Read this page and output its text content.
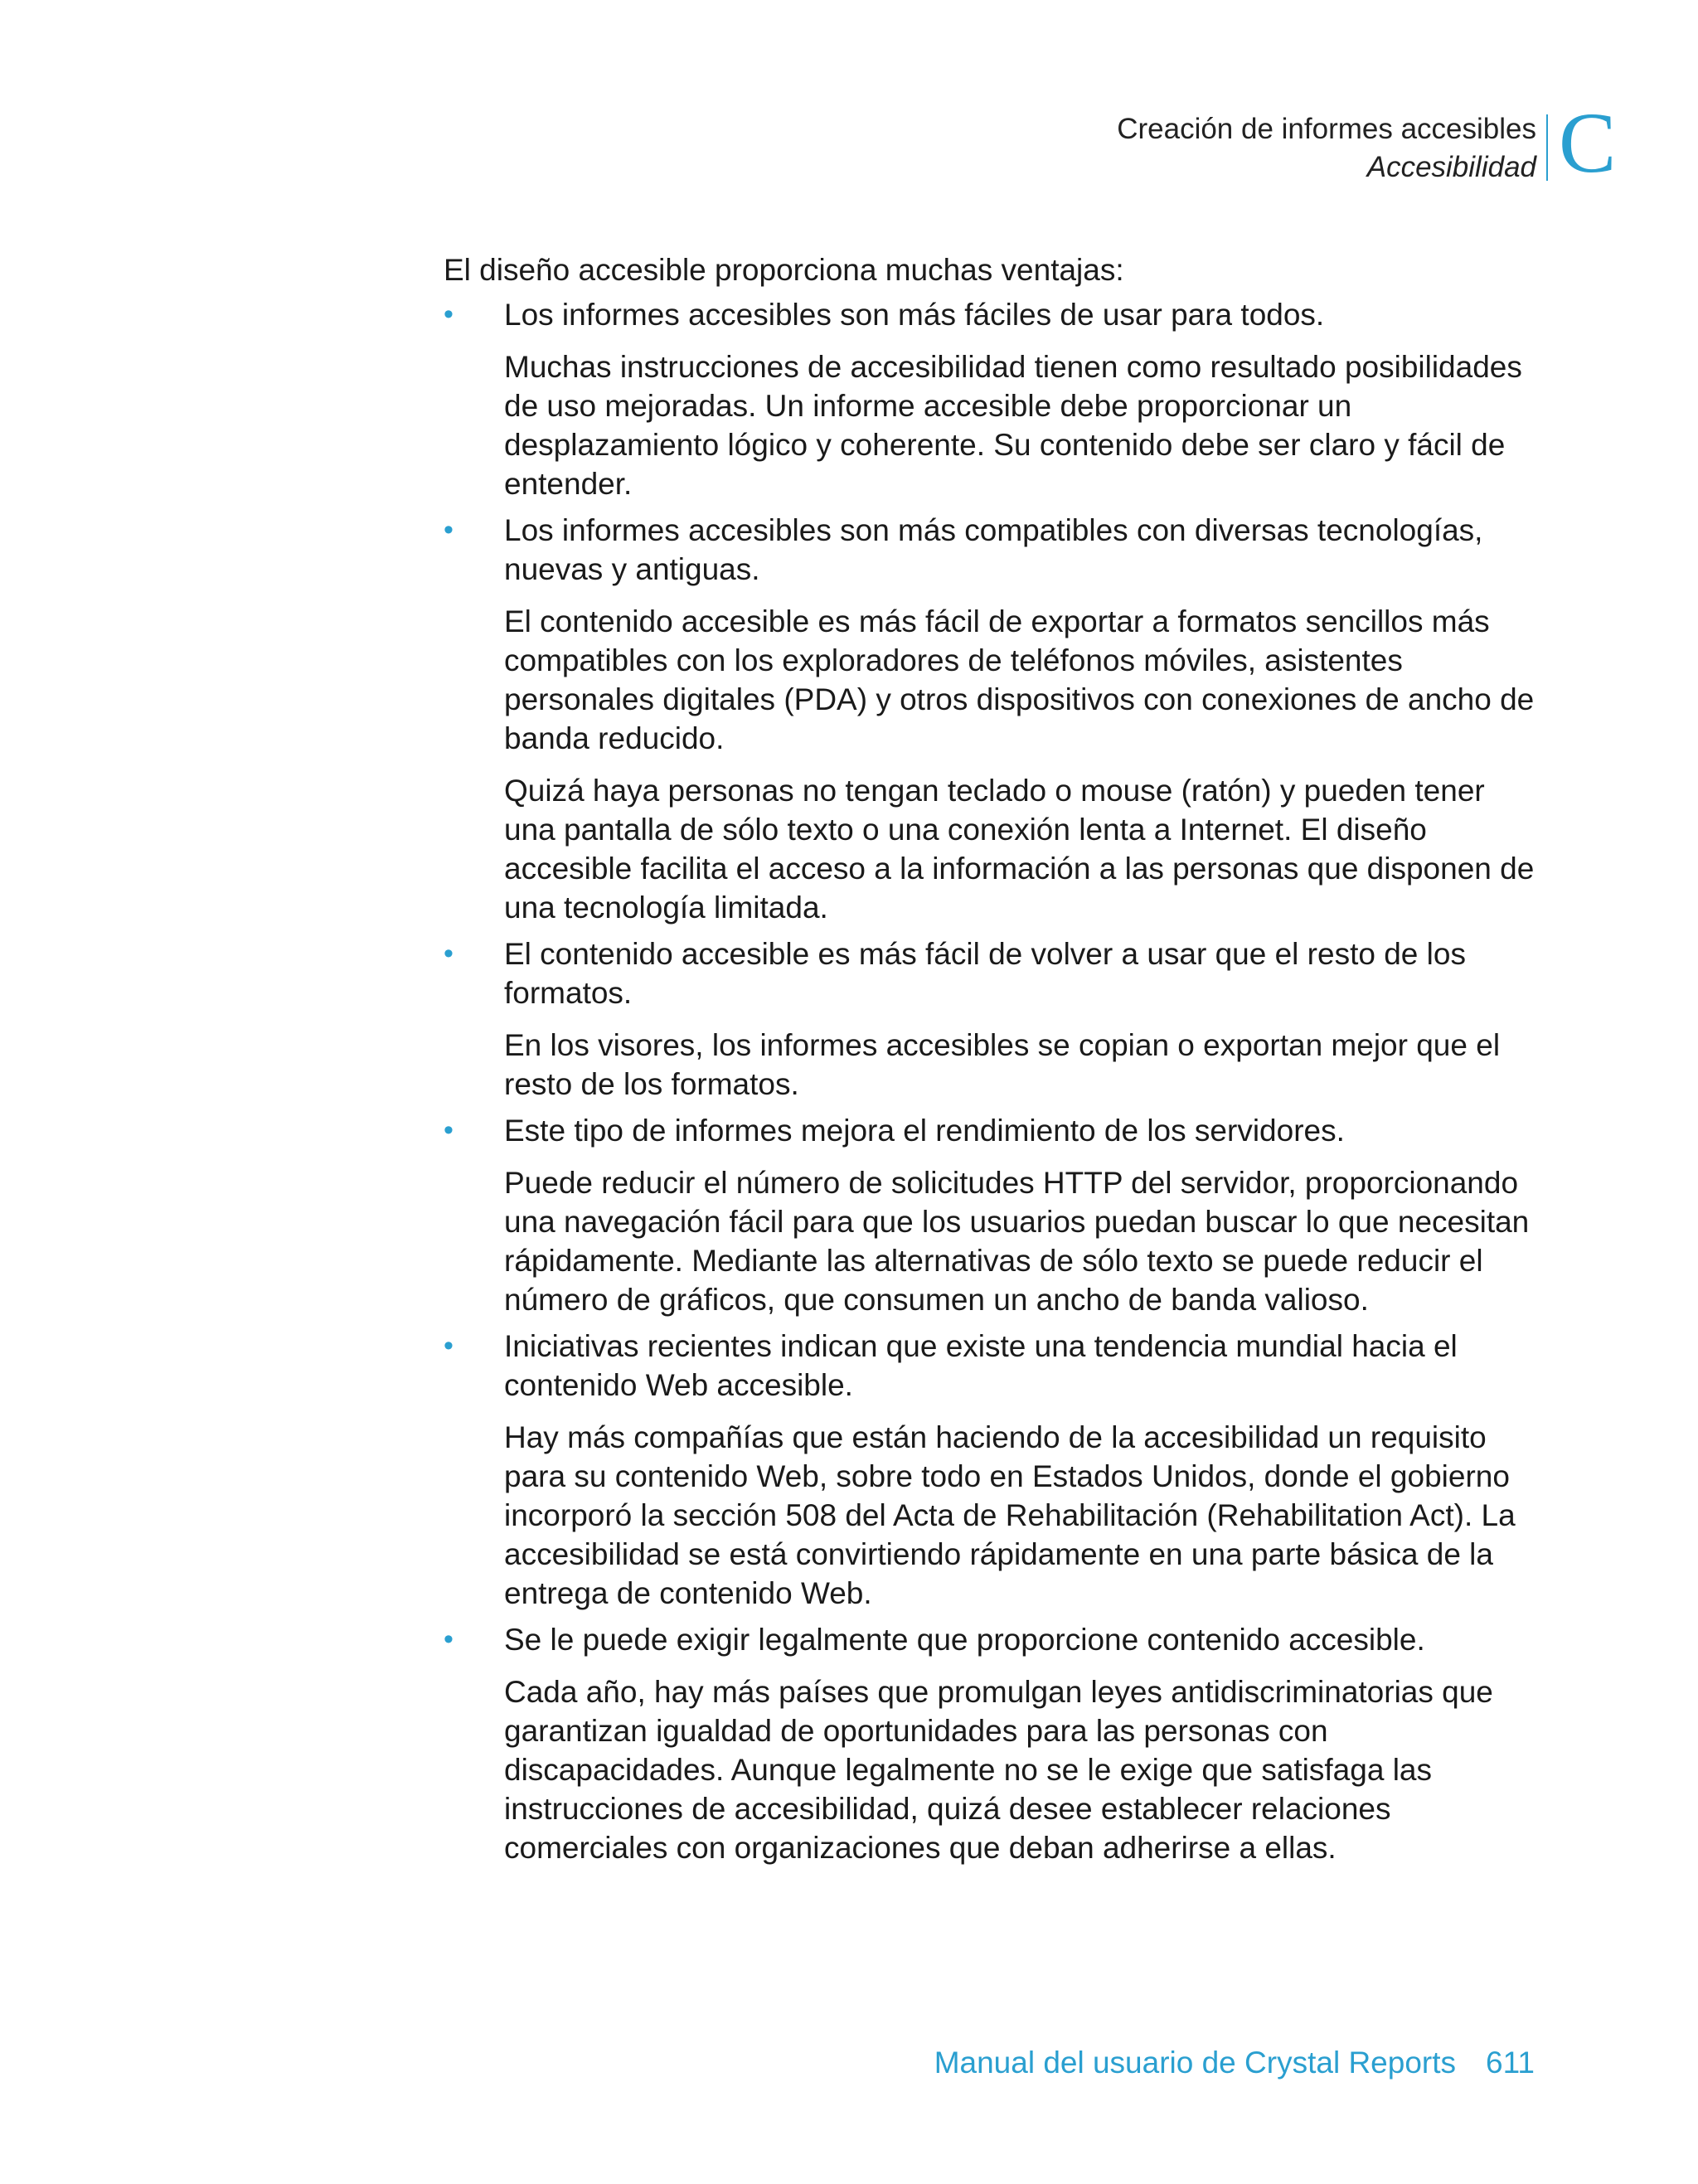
Creación de informes accesibles
Accesibilidad C

El diseño accesible proporciona muchas ventajas:

• Los informes accesibles son más fáciles de usar para todos.

Muchas instrucciones de accesibilidad tienen como resultado posibilidades de uso mejoradas. Un informe accesible debe proporcionar un desplazamiento lógico y coherente. Su contenido debe ser claro y fácil de entender.

• Los informes accesibles son más compatibles con diversas tecnologías, nuevas y antiguas.

El contenido accesible es más fácil de exportar a formatos sencillos más compatibles con los exploradores de teléfonos móviles, asistentes personales digitales (PDA) y otros dispositivos con conexiones de ancho de banda reducido.

Quizá haya personas no tengan teclado o mouse (ratón) y pueden tener una pantalla de sólo texto o una conexión lenta a Internet. El diseño accesible facilita el acceso a la información a las personas que disponen de una tecnología limitada.

• El contenido accesible es más fácil de volver a usar que el resto de los formatos.

En los visores, los informes accesibles se copian o exportan mejor que el resto de los formatos.

• Este tipo de informes mejora el rendimiento de los servidores.

Puede reducir el número de solicitudes HTTP del servidor, proporcionando una navegación fácil para que los usuarios puedan buscar lo que necesitan rápidamente. Mediante las alternativas de sólo texto se puede reducir el número de gráficos, que consumen un ancho de banda valioso.

• Iniciativas recientes indican que existe una tendencia mundial hacia el contenido Web accesible.

Hay más compañías que están haciendo de la accesibilidad un requisito para su contenido Web, sobre todo en Estados Unidos, donde el gobierno incorporó la sección 508 del Acta de Rehabilitación (Rehabilitation Act). La accesibilidad se está convirtiendo rápidamente en una parte básica de la entrega de contenido Web.

• Se le puede exigir legalmente que proporcione contenido accesible.

Cada año, hay más países que promulgan leyes antidiscriminatorias que garantizan igualdad de oportunidades para las personas con discapacidades. Aunque legalmente no se le exige que satisfaga las instrucciones de accesibilidad, quizá desee establecer relaciones comerciales con organizaciones que deban adherirse a ellas.

Manual del usuario de Crystal Reports 611
